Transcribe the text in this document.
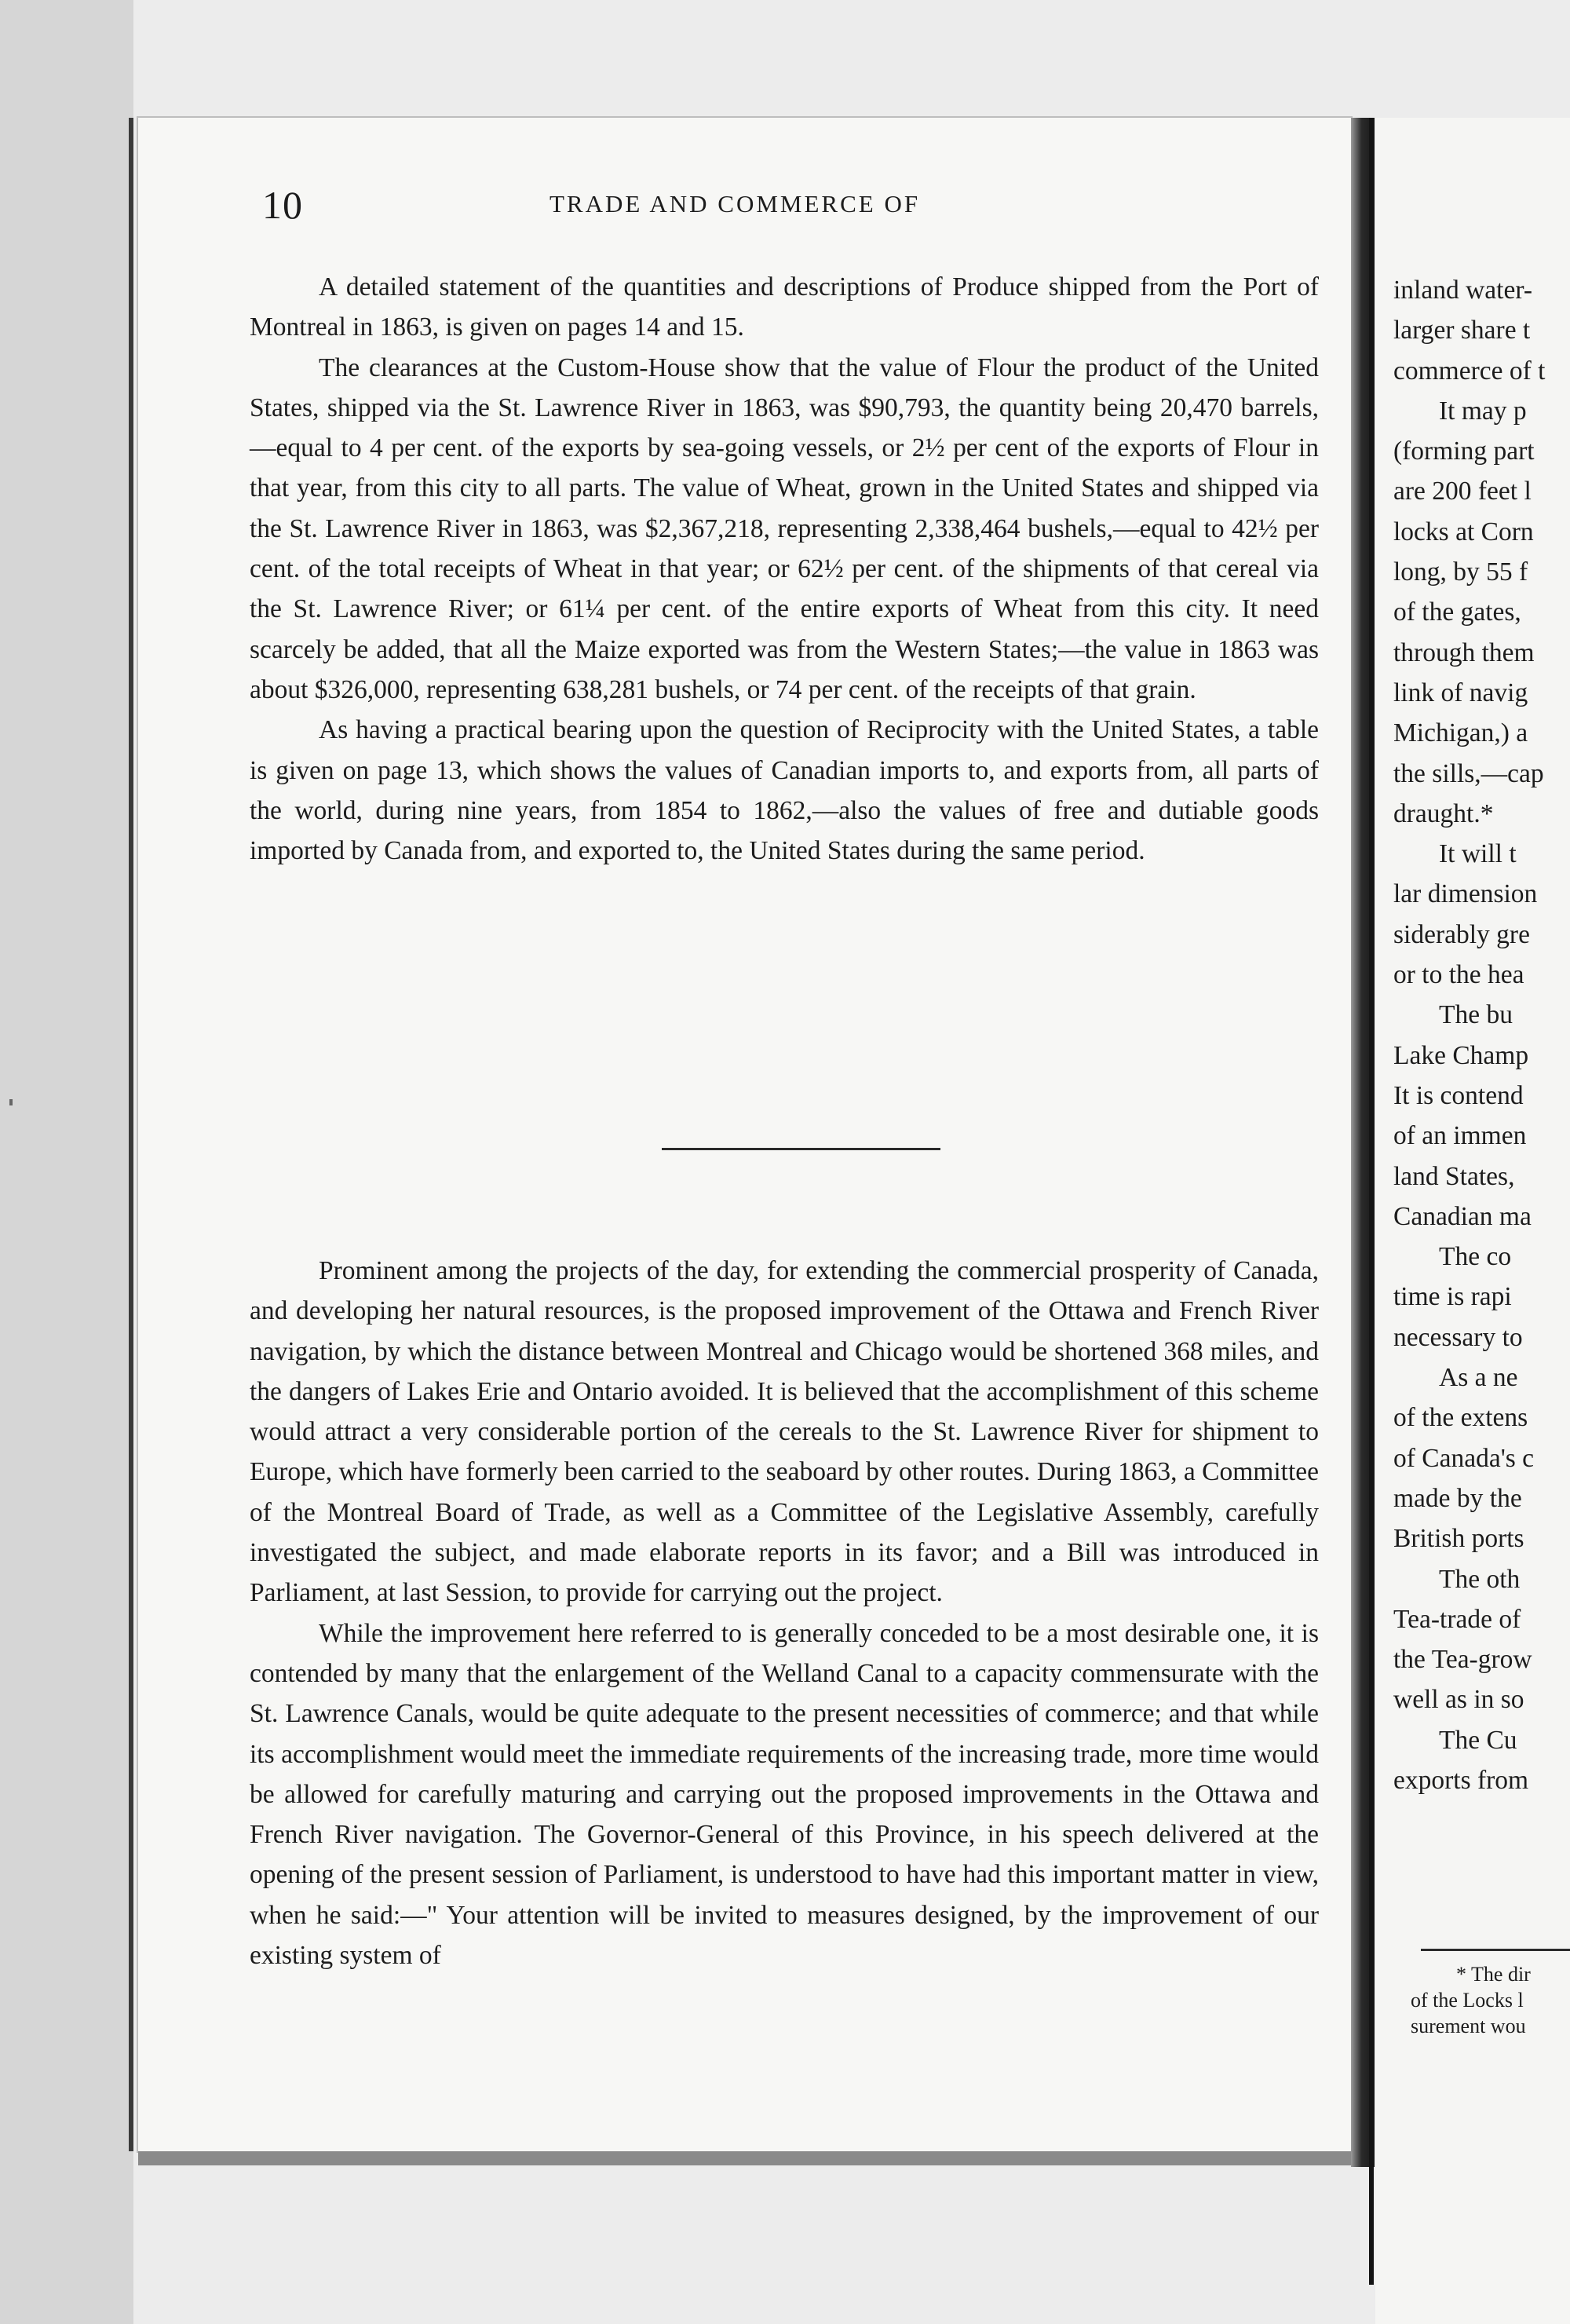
10	TRADE AND COMMERCE OF

A detailed statement of the quantities and descriptions of Produce shipped from the Port of Montreal in 1863, is given on pages 14 and 15.

The clearances at the Custom-House show that the value of Flour the product of the United States, shipped via the St. Lawrence River in 1863, was $90,793, the quantity being 20,470 barrels,—equal to 4 per cent. of the exports by sea-going vessels, or 2½ per cent of the exports of Flour in that year, from this city to all parts. The value of Wheat, grown in the United States and shipped via the St. Lawrence River in 1863, was $2,367,218, representing 2,338,464 bushels,—equal to 42½ per cent. of the total receipts of Wheat in that year; or 62½ per cent. of the shipments of that cereal via the St. Lawrence River; or 61¼ per cent. of the entire exports of Wheat from this city. It need scarcely be added, that all the Maize exported was from the Western States;—the value in 1863 was about $326,000, representing 638,281 bushels, or 74 per cent. of the receipts of that grain.

As having a practical bearing upon the question of Reciprocity with the United States, a table is given on page 13, which shows the values of Canadian imports to, and exports from, all parts of the world, during nine years, from 1854 to 1862,—also the values of free and dutiable goods imported by Canada from, and exported to, the United States during the same period.

Prominent among the projects of the day, for extending the commercial prosperity of Canada, and developing her natural resources, is the proposed improvement of the Ottawa and French River navigation, by which the distance between Montreal and Chicago would be shortened 368 miles, and the dangers of Lakes Erie and Ontario avoided. It is believed that the accomplishment of this scheme would attract a very considerable portion of the cereals to the St. Lawrence River for shipment to Europe, which have formerly been carried to the seaboard by other routes. During 1863, a Committee of the Montreal Board of Trade, as well as a Committee of the Legislative Assembly, carefully investigated the subject, and made elaborate reports in its favor; and a Bill was introduced in Parliament, at last Session, to provide for carrying out the project.

While the improvement here referred to is generally conceded to be a most desirable one, it is contended by many that the enlargement of the Welland Canal to a capacity commensurate with the St. Lawrence Canals, would be quite adequate to the present necessities of commerce; and that while its accomplishment would meet the immediate requirements of the increasing trade, more time would be allowed for carefully maturing and carrying out the proposed improvements in the Ottawa and French River navigation. The Governor-General of this Province, in his speech delivered at the opening of the present session of Parliament, is understood to have had this important matter in view, when he said:—" Your attention will be invited to measures designed, by the improvement of our existing system of

inland water-
larger share t
commerce of t
It may p
(forming part
are 200 feet l
locks at Corn
long, by 55 f
of the gates,
through them
link of navig
Michigan,) a
the sills,—cap
draught.*
It will t
lar dimension
siderably gre
or to the hea
The bu
Lake Champ
It is contend
of an immen
land States,
Canadian ma
The co
time is rapi
necessary to
As a ne
of the extens
of Canada's c
made by the
British ports
The oth
Tea-trade of
the Tea-grow
well as in so
The Cu
exports from
* The dir
of the Locks l
surement wou
